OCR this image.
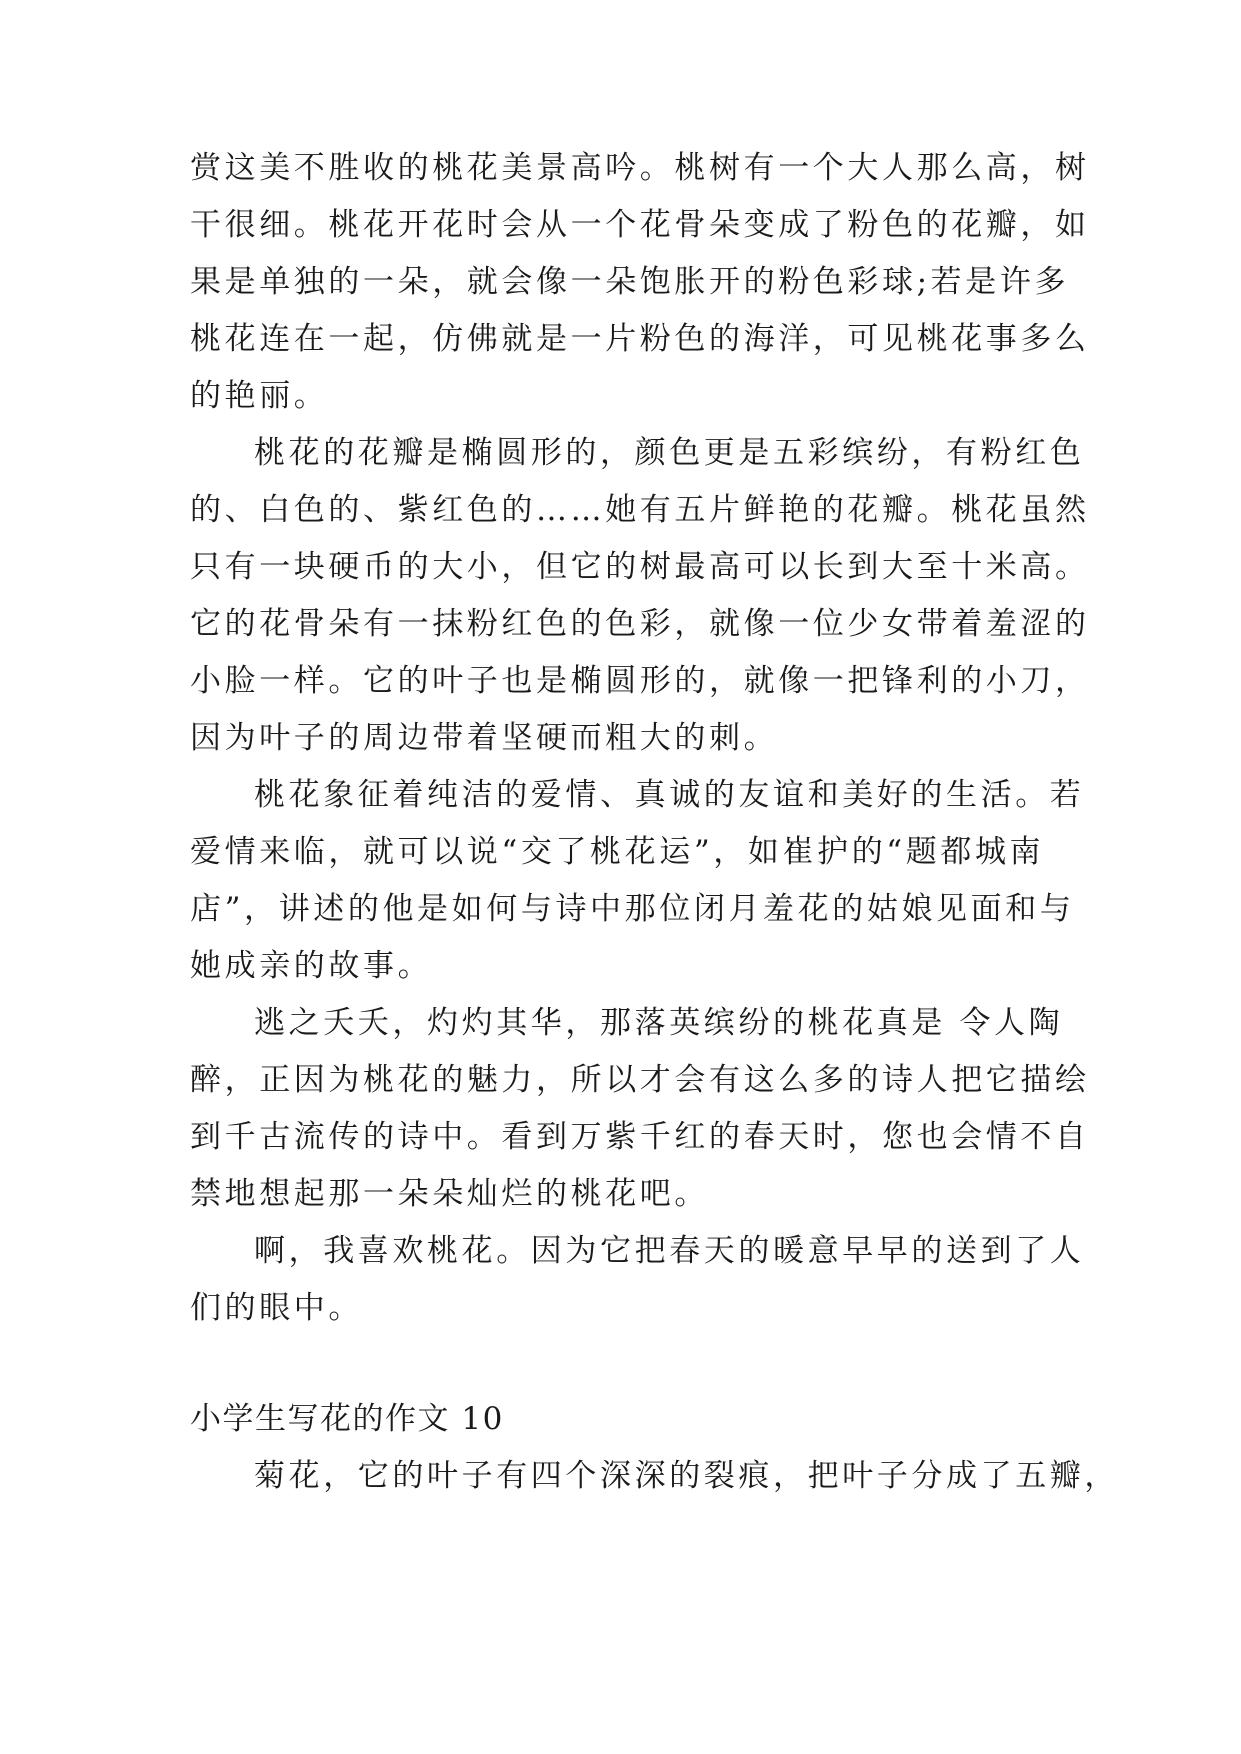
赏这美不胜收的桃花美景高吟。桃树有一个大人那么高，树
干很细。桃花开花时会从一个花骨朵变成了粉色的花瓣，如
果是单独的一朵，就会像一朵饱胀开的粉色彩球;若是许多
桃花连在一起，仿佛就是一片粉色的海洋，可见桃花事多么
的艳丽。
桃花的花瓣是椭圆形的，颜色更是五彩缤纷，有粉红色
的、白色的、紫红色的……她有五片鲜艳的花瓣。桃花虽然
只有一块硬币的大小，但它的树最高可以长到大至十米高。
它的花骨朵有一抹粉红色的色彩，就像一位少女带着羞涩的
小脸一样。它的叶子也是椭圆形的，就像一把锋利的小刀，
因为叶子的周边带着坚硬而粗大的刺。
桃花象征着纯洁的爱情、真诚的友谊和美好的生活。若
爱情来临，就可以说“交了桃花运”，如崔护的“题都城南
店”，讲述的他是如何与诗中那位闭月羞花的姑娘见面和与
她成亲的故事。
逃之夭夭，灼灼其华，那落英缤纷的桃花真是 令人陶
醉，正因为桃花的魅力，所以才会有这么多的诗人把它描绘
到千古流传的诗中。看到万紫千红的春天时，您也会情不自
禁地想起那一朵朵灿烂的桃花吧。
啊，我喜欢桃花。因为它把春天的暖意早早的送到了人
们的眼中。
小学生写花的作文 10
菊花，它的叶子有四个深深的裂痕，把叶子分成了五瓣，
